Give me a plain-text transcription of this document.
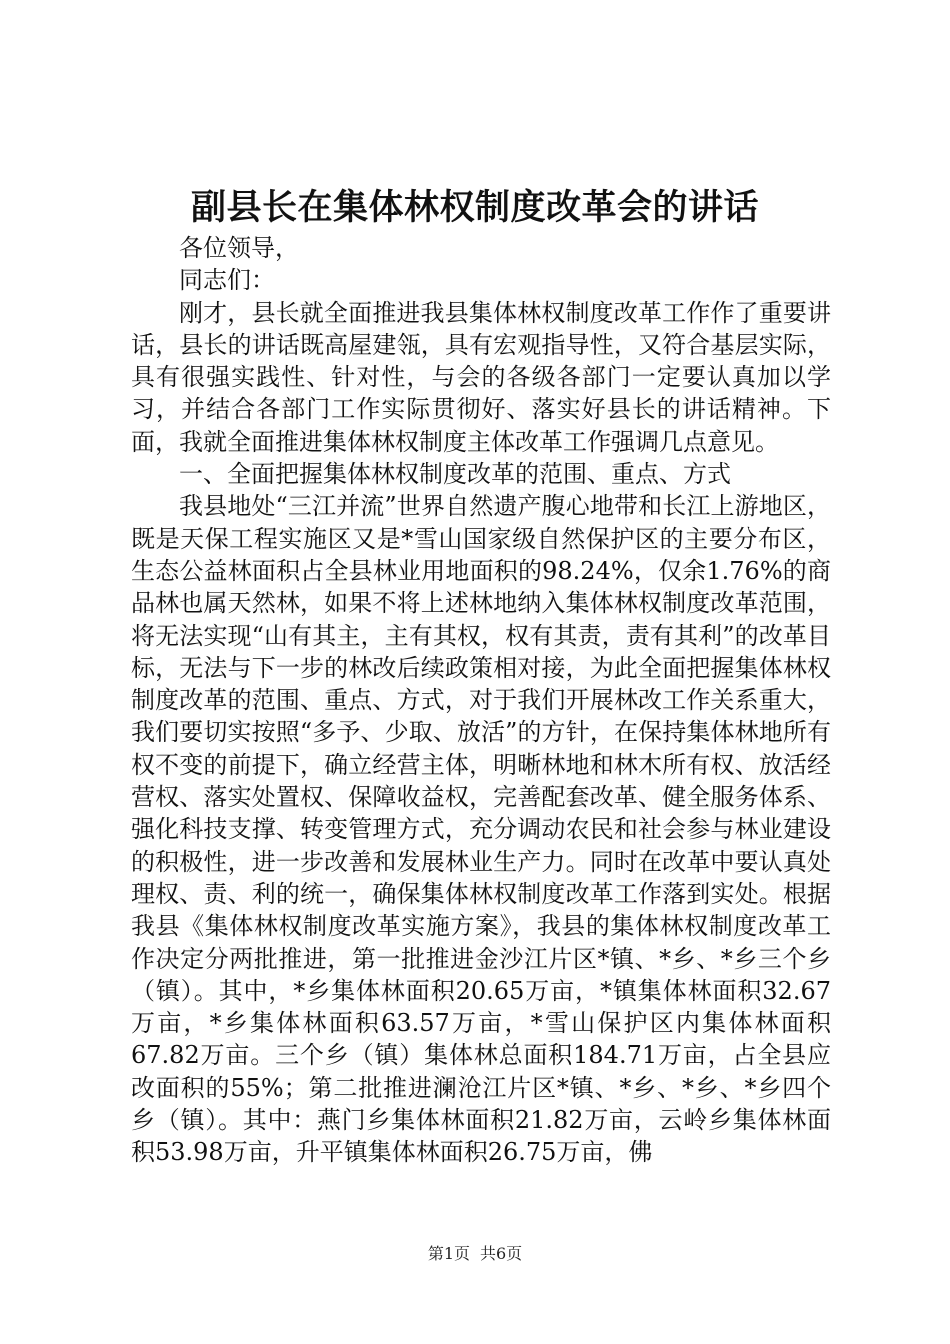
副县长在集体林权制度改革会的讲话

各位领导，

同志们：

刚才，县长就全面推进我县集体林权制度改革工作作了重要讲话，县长的讲话既高屋建瓴，具有宏观指导性，又符合基层实际，具有很强实践性、针对性，与会的各级各部门一定要认真加以学习，并结合各部门工作实际贯彻好、落实好县长的讲话精神。下面，我就全面推进集体林权制度主体改革工作强调几点意见。

一、全面把握集体林权制度改革的范围、重点、方式

我县地处“三江并流”世界自然遗产腹心地带和长江上游地区，既是天保工程实施区又是*雪山国家级自然保护区的主要分布区，生态公益林面积占全县林业用地面积的98.24%，仅余1.76%的商品林也属天然林，如果不将上述林地纳入集体林权制度改革范围，将无法实现“山有其主，主有其权，权有其责，责有其利”的改革目标，无法与下一步的林改后续政策相对接，为此全面把握集体林权制度改革的范围、重点、方式，对于我们开展林改工作关系重大，我们要切实按照“多予、少取、放活”的方针，在保持集体林地所有权不变的前提下，确立经营主体，明晰林地和林木所有权、放活经营权、落实处置权、保障收益权，完善配套改革、健全服务体系、强化科技支撑、转变管理方式，充分调动农民和社会参与林业建设的积极性，进一步改善和发展林业生产力。同时在改革中要认真处理权、责、利的统一，确保集体林权制度改革工作落到实处。根据我县《集体林权制度改革实施方案》，我县的集体林权制度改革工作决定分两批推进，第一批推进金沙江片区*镇、*乡、*乡三个乡（镇）。其中，*乡集体林面积20.65万亩，*镇集体林面积32.67万亩，*乡集体林面积63.57万亩，*雪山保护区内集体林面积67.82万亩。三个乡（镇）集体林总面积184.71万亩，占全县应改面积的55%；第二批推进澜沧江片区*镇、*乡、*乡、*乡四个乡（镇）。其中：燕门乡集体林面积21.82万亩，云岭乡集体林面积53.98万亩，升平镇集体林面积26.75万亩，佛

第1页 共6页
